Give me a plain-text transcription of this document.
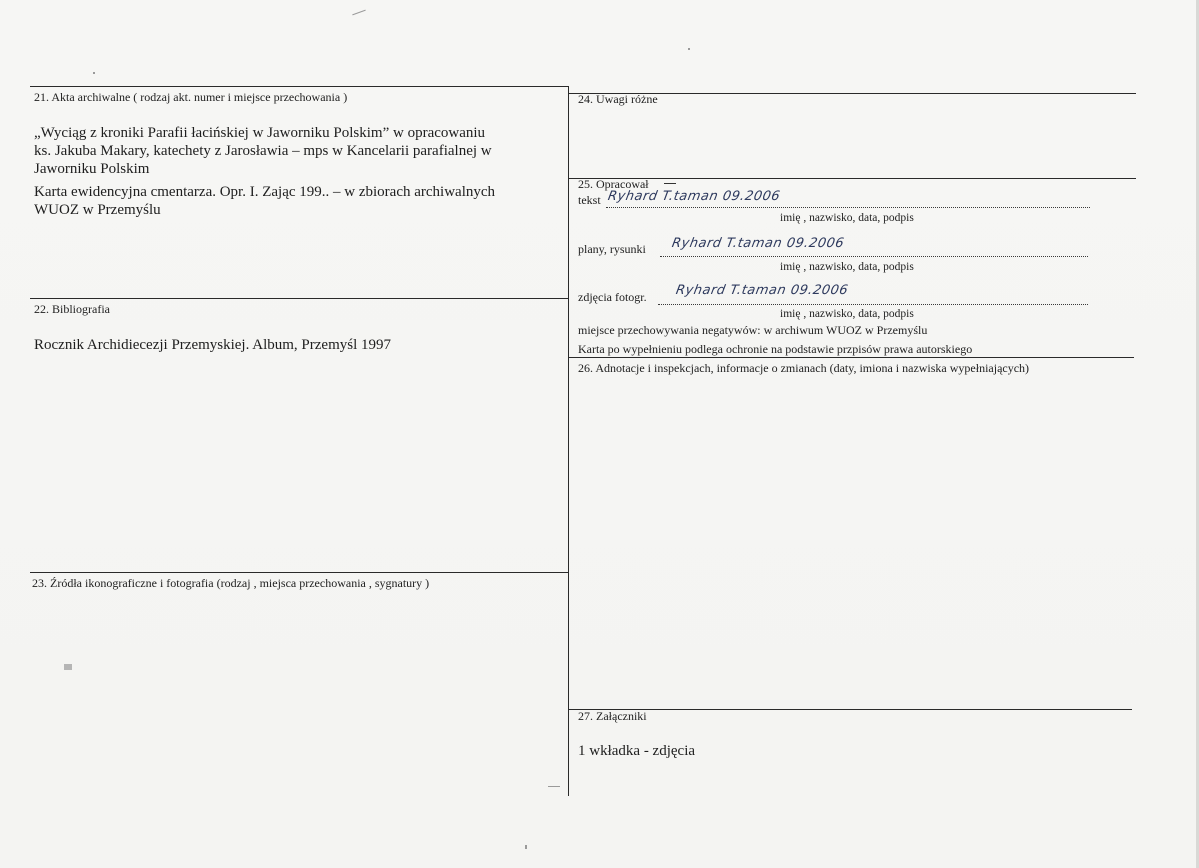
21. Akta archiwalne ( rodzaj akt. numer i miejsce przechowania )
„Wyciąg z kroniki Parafii łacińskiej w Jaworniku Polskim” w opracowaniu
ks. Jakuba Makary, katechety z Jarosławia – mps w Kancelarii parafialnej w
Jaworniku Polskim
Karta ewidencyjna cmentarza. Opr. I. Zając 199.. – w zbiorach archiwalnych
WUOZ w Przemyślu
22. Bibliografia
Rocznik Archidiecezji Przemyskiej. Album, Przemyśl 1997
23. Źródła ikonograficzne i fotografia (rodzaj , miejsca przechowania , sygnatury )
24. Uwagi różne
25. Opracował
tekst Ryhard T.taman 09.2006
imię , nazwisko, data, podpis
plany, rysunki Ryhard T.taman 09.2006
imię , nazwisko, data, podpis
zdjęcia fotogr. Ryhard T.taman 09.2006
imię , nazwisko, data, podpis
miejsce przechowywania negatywów: w archiwum WUOZ w Przemyślu
Karta po wypełnieniu podlega ochronie na podstawie przpisów prawa autorskiego
26. Adnotacje i inspekcjach, informacje o zmianach (daty, imiona i nazwiska wypełniających)
27. Załączniki
1 wkładka - zdjęcia
